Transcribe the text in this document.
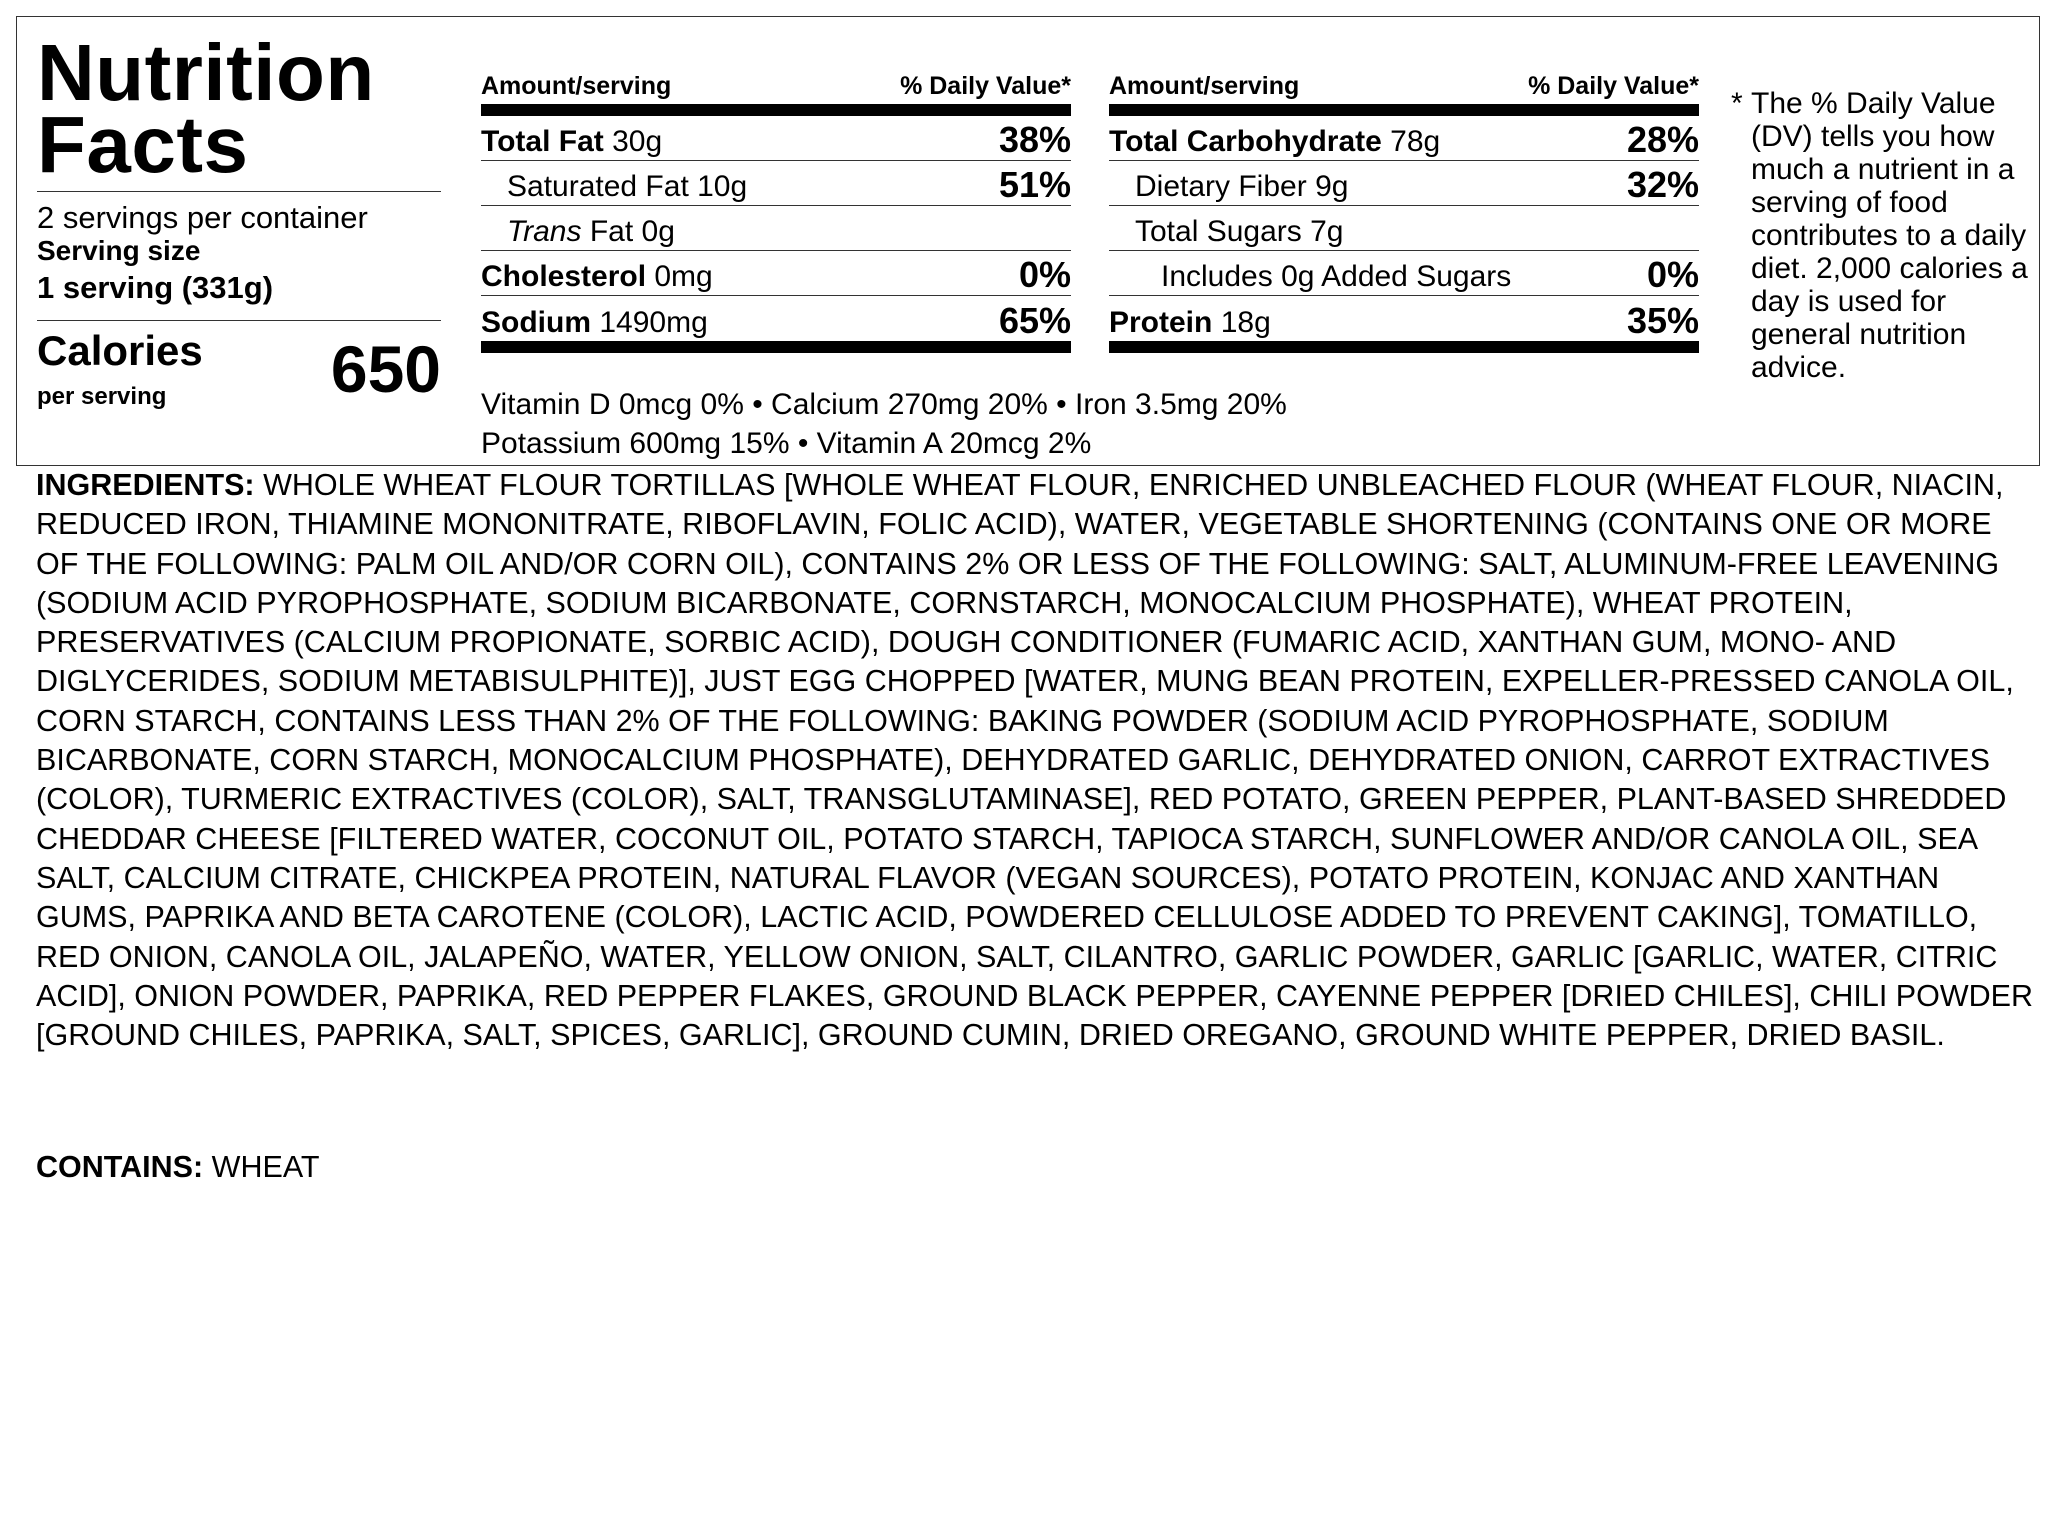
Nutrition Facts
2 servings per container
Serving size
1 serving (331g)
Calories
per serving 650
Amount/serving	% Daily Value*
Total Fat 30g	38%
Saturated Fat 10g	51%
Trans Fat 0g
Cholesterol 0mg	0%
Sodium 1490mg	65%
Amount/serving	% Daily Value*
Total Carbohydrate 78g	28%
Dietary Fiber 9g	32%
Total Sugars 7g
Includes 0g Added Sugars	0%
Protein 18g	35%
Vitamin D 0mcg 0% • Calcium 270mg 20% • Iron 3.5mg 20%
Potassium 600mg 15% • Vitamin A 20mcg 2%
* The % Daily Value (DV) tells you how much a nutrient in a serving of food contributes to a daily diet. 2,000 calories a day is used for general nutrition advice.

INGREDIENTS: WHOLE WHEAT FLOUR TORTILLAS [WHOLE WHEAT FLOUR, ENRICHED UNBLEACHED FLOUR (WHEAT FLOUR, NIACIN, REDUCED IRON, THIAMINE MONONITRATE, RIBOFLAVIN, FOLIC ACID), WATER, VEGETABLE SHORTENING (CONTAINS ONE OR MORE OF THE FOLLOWING: PALM OIL AND/OR CORN OIL), CONTAINS 2% OR LESS OF THE FOLLOWING: SALT, ALUMINUM-FREE LEAVENING (SODIUM ACID PYROPHOSPHATE, SODIUM BICARBONATE, CORNSTARCH, MONOCALCIUM PHOSPHATE), WHEAT PROTEIN, PRESERVATIVES (CALCIUM PROPIONATE, SORBIC ACID), DOUGH CONDITIONER (FUMARIC ACID, XANTHAN GUM, MONO- AND DIGLYCERIDES, SODIUM METABISULPHITE)], JUST EGG CHOPPED [WATER, MUNG BEAN PROTEIN, EXPELLER-PRESSED CANOLA OIL, CORN STARCH, CONTAINS LESS THAN 2% OF THE FOLLOWING: BAKING POWDER (SODIUM ACID PYROPHOSPHATE, SODIUM BICARBONATE, CORN STARCH, MONOCALCIUM PHOSPHATE), DEHYDRATED GARLIC, DEHYDRATED ONION, CARROT EXTRACTIVES (COLOR), TURMERIC EXTRACTIVES (COLOR), SALT, TRANSGLUTAMINASE], RED POTATO, GREEN PEPPER, PLANT-BASED SHREDDED CHEDDAR CHEESE [FILTERED WATER, COCONUT OIL, POTATO STARCH, TAPIOCA STARCH, SUNFLOWER AND/OR CANOLA OIL, SEA SALT, CALCIUM CITRATE, CHICKPEA PROTEIN, NATURAL FLAVOR (VEGAN SOURCES), POTATO PROTEIN, KONJAC AND XANTHAN GUMS, PAPRIKA AND BETA CAROTENE (COLOR), LACTIC ACID, POWDERED CELLULOSE ADDED TO PREVENT CAKING], TOMATILLO, RED ONION, CANOLA OIL, JALAPEÑO, WATER, YELLOW ONION, SALT, CILANTRO, GARLIC POWDER, GARLIC [GARLIC, WATER, CITRIC ACID], ONION POWDER, PAPRIKA, RED PEPPER FLAKES, GROUND BLACK PEPPER, CAYENNE PEPPER [DRIED CHILES], CHILI POWDER [GROUND CHILES, PAPRIKA, SALT, SPICES, GARLIC], GROUND CUMIN, DRIED OREGANO, GROUND WHITE PEPPER, DRIED BASIL.

CONTAINS: WHEAT
